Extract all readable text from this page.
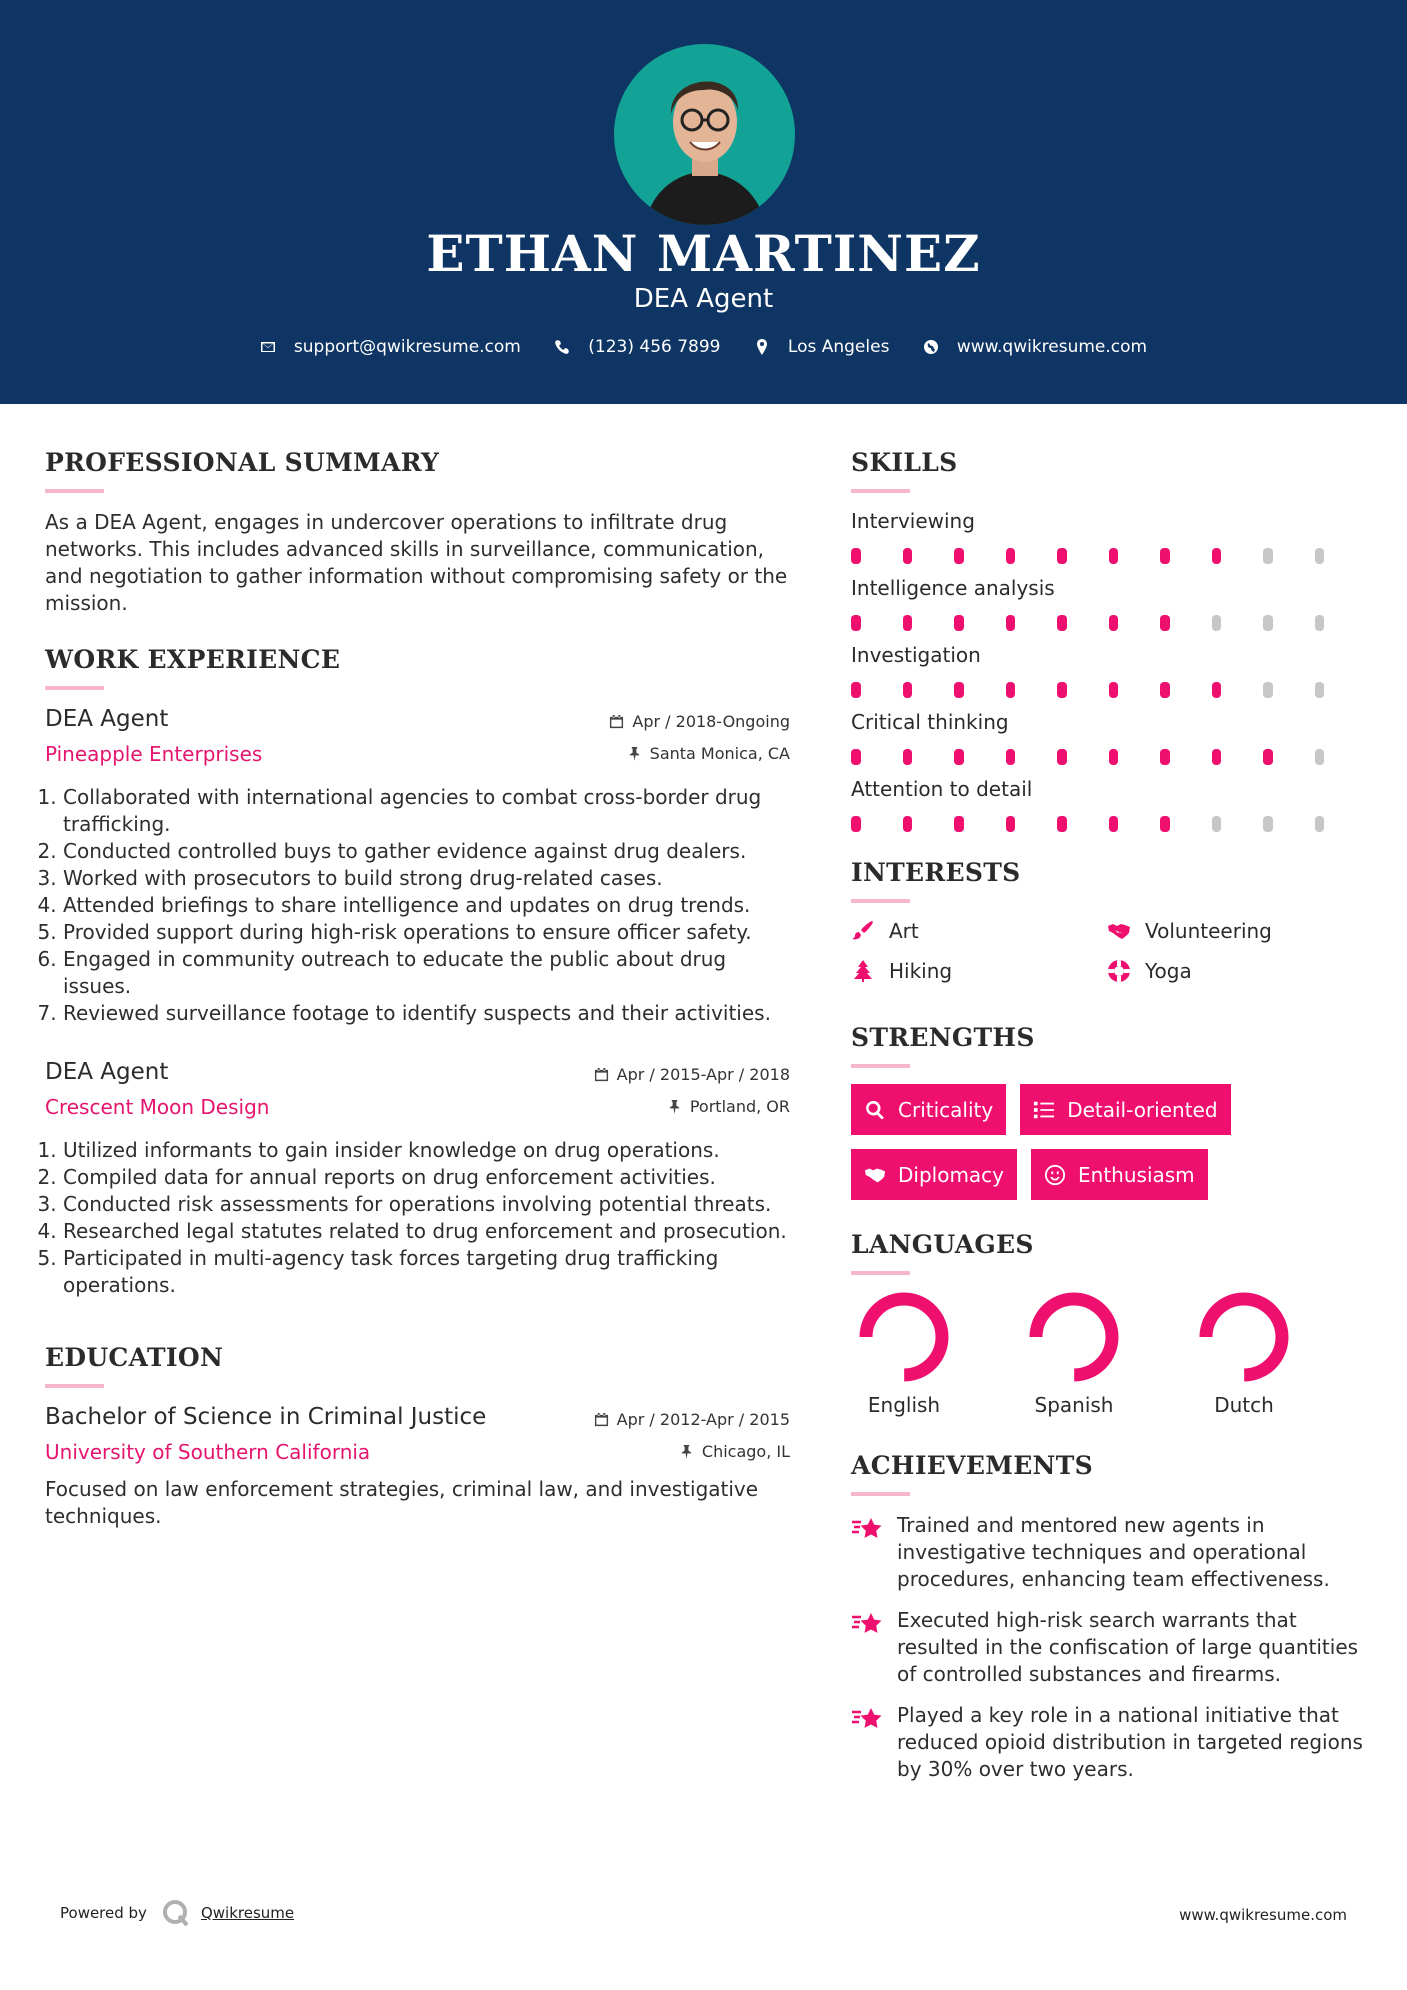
ETHAN MARTINEZ
DEA Agent
support@qwikresume.com
	(123) 456 7899
	Los Angeles
	www.qwikresume.com
PROFESSIONAL SUMMARY

As a DEA Agent, engages in undercover operations to infiltrate drug networks. This includes advanced skills in surveillance, communication, and negotiation to gather information without compromising safety or the mission.

WORK EXPERIENCE
DEA Agent
Pineapple Enterprises
Apr / 2018-Ongoing
Santa Monica, CA
1. Collaborated with international agencies to combat cross-border drug trafficking.
2. Conducted controlled buys to gather evidence against drug dealers.
3. Worked with prosecutors to build strong drug-related cases.
4. Attended briefings to share intelligence and updates on drug trends.
5. Provided support during high-risk operations to ensure officer safety.
6. Engaged in community outreach to educate the public about drug issues.
7. Reviewed surveillance footage to identify suspects and their activities.
DEA Agent
Crescent Moon Design
Apr / 2015-Apr / 2018
Portland, OR
1. Utilized informants to gain insider knowledge on drug operations.
2. Compiled data for annual reports on drug enforcement activities.
3. Conducted risk assessments for operations involving potential threats.
4. Researched legal statutes related to drug enforcement and prosecution.
5. Participated in multi-agency task forces targeting drug trafficking operations.
EDUCATION
Bachelor of Science in Criminal Justice
University of Southern California
Apr / 2012-Apr / 2015
Chicago, IL

Focused on law enforcement strategies, criminal law, and investigative techniques.

SKILLS
Interviewing
Intelligence analysis
Investigation
Critical thinking
Attention to detail
INTERESTS
Art	Volunteering
Hiking	Yoga
STRENGTHS
Criticality	Detail-oriented
Diplomacy	Enthusiasm
LANGUAGES
English	Spanish	Dutch
ACHIEVEMENTS
Trained and mentored new agents in investigative techniques and operational procedures, enhancing team effectiveness.
Executed high-risk search warrants that resulted in the confiscation of large quantities of controlled substances and firearms.
Played a key role in a national initiative that reduced opioid distribution in targeted regions by 30% over two years.
Powered by	Qwikresume	www.qwikresume.com
